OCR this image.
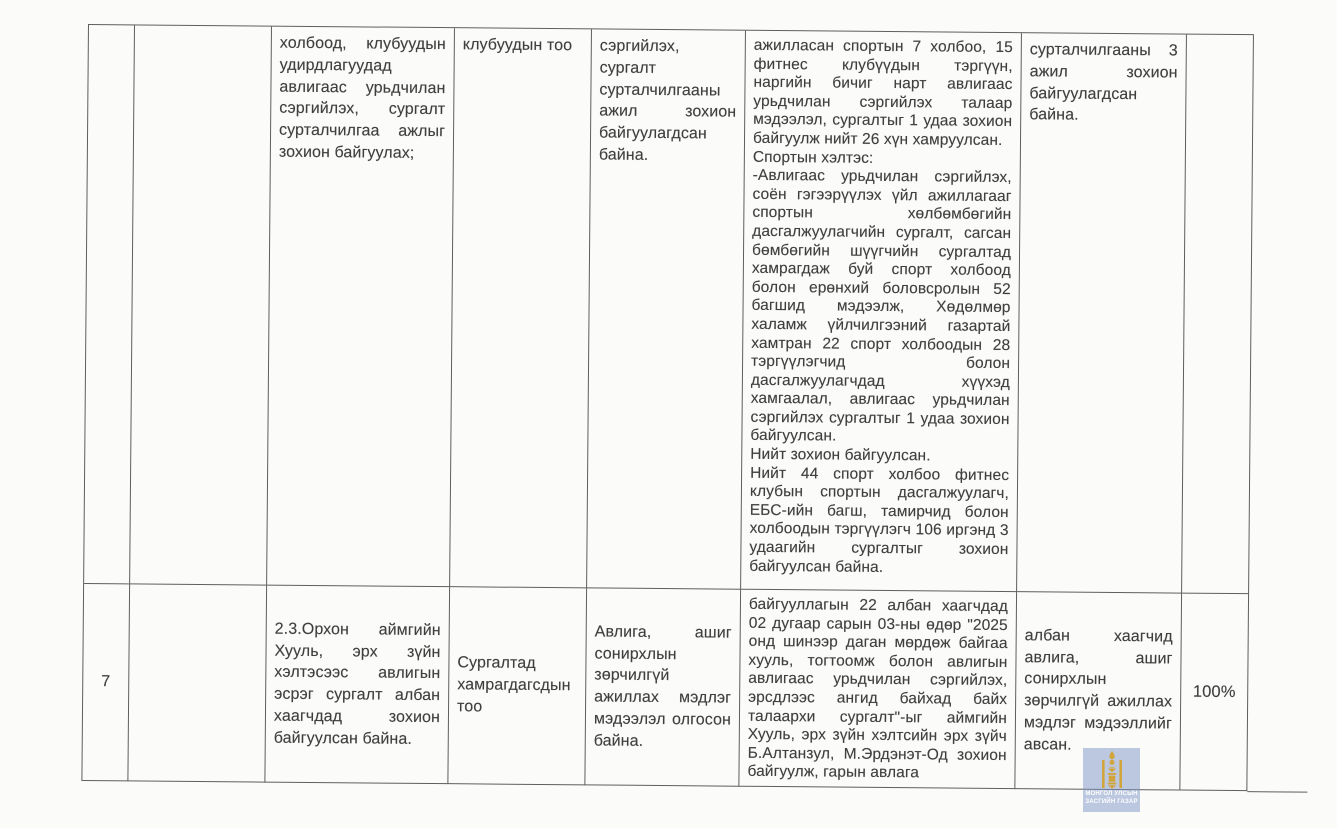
холбоод, клубуудын удирдлагуудад авлигаас урьдчилан сэргийлэх, сургалт сурталчилгаа ажлыг зохион байгуулах;
клубуудын тоо	сэргийлэх, сургалт сурталчилгааны ажил зохион байгуулагдсан байна.

ажилласан спортын 7 холбоо, 15 фитнес клубүүдын тэргүүн, наргийн бичиг нарт авлигаас урьдчилан сэргийлэх талаар мэдээлэл, сургалтыг 1 удаа зохион байгуулж нийт 26 хүн хамруулсан.

Спортын хэлтэс:

-Авлигаас урьдчилан сэргийлэх, соён гэгээрүүлэх үйл ажиллагааг спортын хөлбөмбөгийн дасгалжуулагчийн сургалт, сагсан бөмбөгийн шүүгчийн сургалтад хамрагдаж буй спорт холбоод болон ерөнхий боловсролын 52 багшид мэдээлж, Хөдөлмөр халамж үйлчилгээний газартай хамтран 22 спорт холбоодын 28 тэргүүлэгчид болон дасгалжуулагчдад хүүхэд хамгаалал, авлигаас урьдчилан сэргийлэх сургалтыг 1 удаа зохион байгуулсан.

Нийт зохион байгуулсан.

Нийт 44 спорт холбоо фитнес клубын спортын дасгалжуулагч, ЕБС-ийн багш, тамирчид болон холбоодын тэргүүлэгч 106 иргэнд 3 удаагийн сургалтыг зохион байгуулсан байна.

сурталчилгааны 3 ажил зохион байгуулагдсан байна.
7
2.3.Орхон аймгийн Хууль, эрх зүйн хэлтэсээс авлигын эсрэг сургалт албан хаагчдад зохион байгуулсан байна.
Сургалтад хамрагдагсдын тоо
Авлига, ашиг сонирхлын зөрчилгүй ажиллах мэдлэг мэдээлэл олгосон байна.

байгууллагын 22 албан хаагчдад 02 дугаар сарын 03-ны өдөр "2025 онд шинээр даган мөрдөж байгаа хууль, тогтоомж болон авлигын авлигаас урьдчилан сэргийлэх, эрсдлээс ангид байхад байх талаархи сургалт"-ыг аймгийн Хууль, эрх зүйн хэлтсийн эрх зүйч Б.Алтанзул, М.Эрдэнэт-Од зохион байгуулж, гарын авлага

албан хаагчид авлига, ашиг сонирхлын зөрчилгүй ажиллах мэдлэг мэдээллийг авсан.
100%
МОНГОЛ УЛСЫН
ЗАСГИЙН ГАЗАР
